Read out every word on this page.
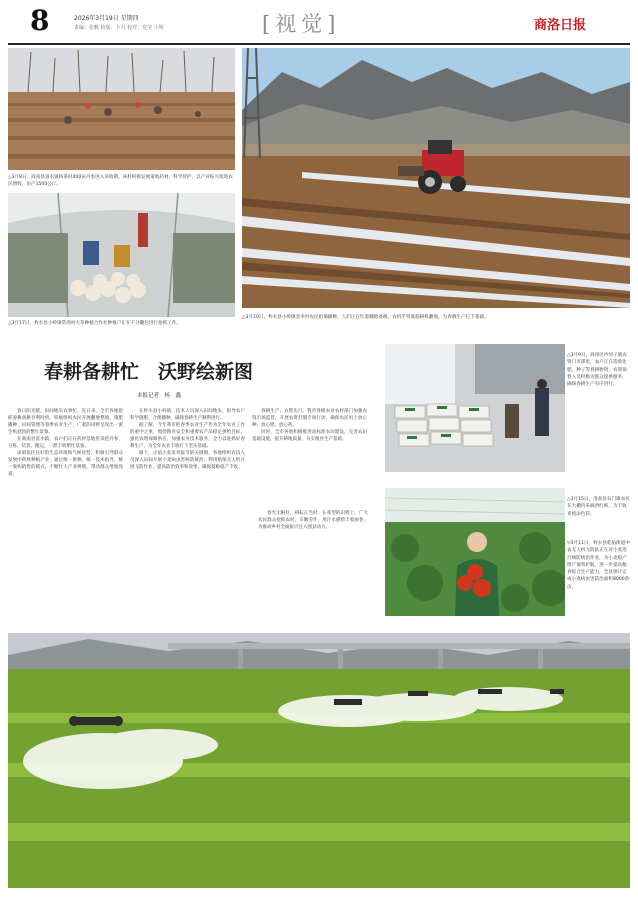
8	2026年3月19日 星期四
责编：张帆 校版：卜月 校对：党莹 小辉	[视觉]	商洛日报
△3月8日，商南县富水镇杨茶村400亩丹参进入采收期。该村积极发展道地药材，科学管护，以产业振兴促进农民增收，亩产1500公斤。
△3月17日，柞水县小岭镇常湾村大草种植合作社种植户正在不分翻包进行抢抓工作。
△3月10日，柞水县小岭镇金米村农民抢墒播种，人们正在忙着翻地备耕。农机手驾驶旋耕机翻地，为春耕生产打下基础。
春耕备耕忙　沃野绘新图
本报记者　杨　鑫

春日阳光暖，田间地头农事忙。连日来，全市各地抢抓春耕备耕有利时机，积极组织农民开展翻地整地、施肥播种、田间管理等春季农业生产，广袤的田野呈现出一派生机勃勃的繁忙景象。

在商南县富水镇，农户们正在药材基地里采挖丹参，分拣、装袋、搬运，一派丰收繁忙景象。

该镇依托良好的生态环境和气候优势，积极引导群众发展中药材种植产业，通过统一供种、统一技术指导、统一收购销售的模式，不断壮大产业规模，带动群众增收致富。

在柞水县小岭镇，技术人员深入田间地头，指导农户科学施肥、合理播种，确保春耕生产顺利进行。

据了解，今年我市把春季农业生产作为全年农业工作的重中之重，围绕粮食安全和重要农产品稳定供给目标，强化农资保障供应，加强农业技术服务，全力以赴抓好春耕生产，为全年农业丰收打下坚实基础。

眼下，正值小麦返青拔节的关键期，各地组织农技人员深入田间开展小麦病虫害统防统治，利用植保无人机开展飞防作业，提高防治效率和效果，确保夏粮稳产丰收。

春耕生产，农资先行。我市各级农业农村部门加强农资市场监管，开展农资打假专项行动，确保农民用上放心种、放心肥、放心药。

同时，全市各地积极推进高标准农田建设，完善农田基础设施，提升耕地质量，夯实粮食生产基础。

春光无限好，耕耘正当时。在希望的田野上，广大农民群众抢抓农时，辛勤劳作，用汗水描绘丰收画卷，为推动乡村全面振兴注入强劲动力。

△3月9日，商州区沙河子镇农资门市部里，农户正在选购化肥、种子等春耕物资，农资销售人员积极为群众提供服务，确保春耕生产有序进行。
△3月15日，洛南县石门镇农民在大棚内采摘西红柿，为丰收喜悦添色彩。
▽3月11日，柞水县乾佑街道中农无人机飞防队正在对小麦进行统防统治作业，为小麦稳产增产保驾护航，进一步提高粮食综合生产能力，全县预计完成小麦病虫害防治面积8000余亩。
